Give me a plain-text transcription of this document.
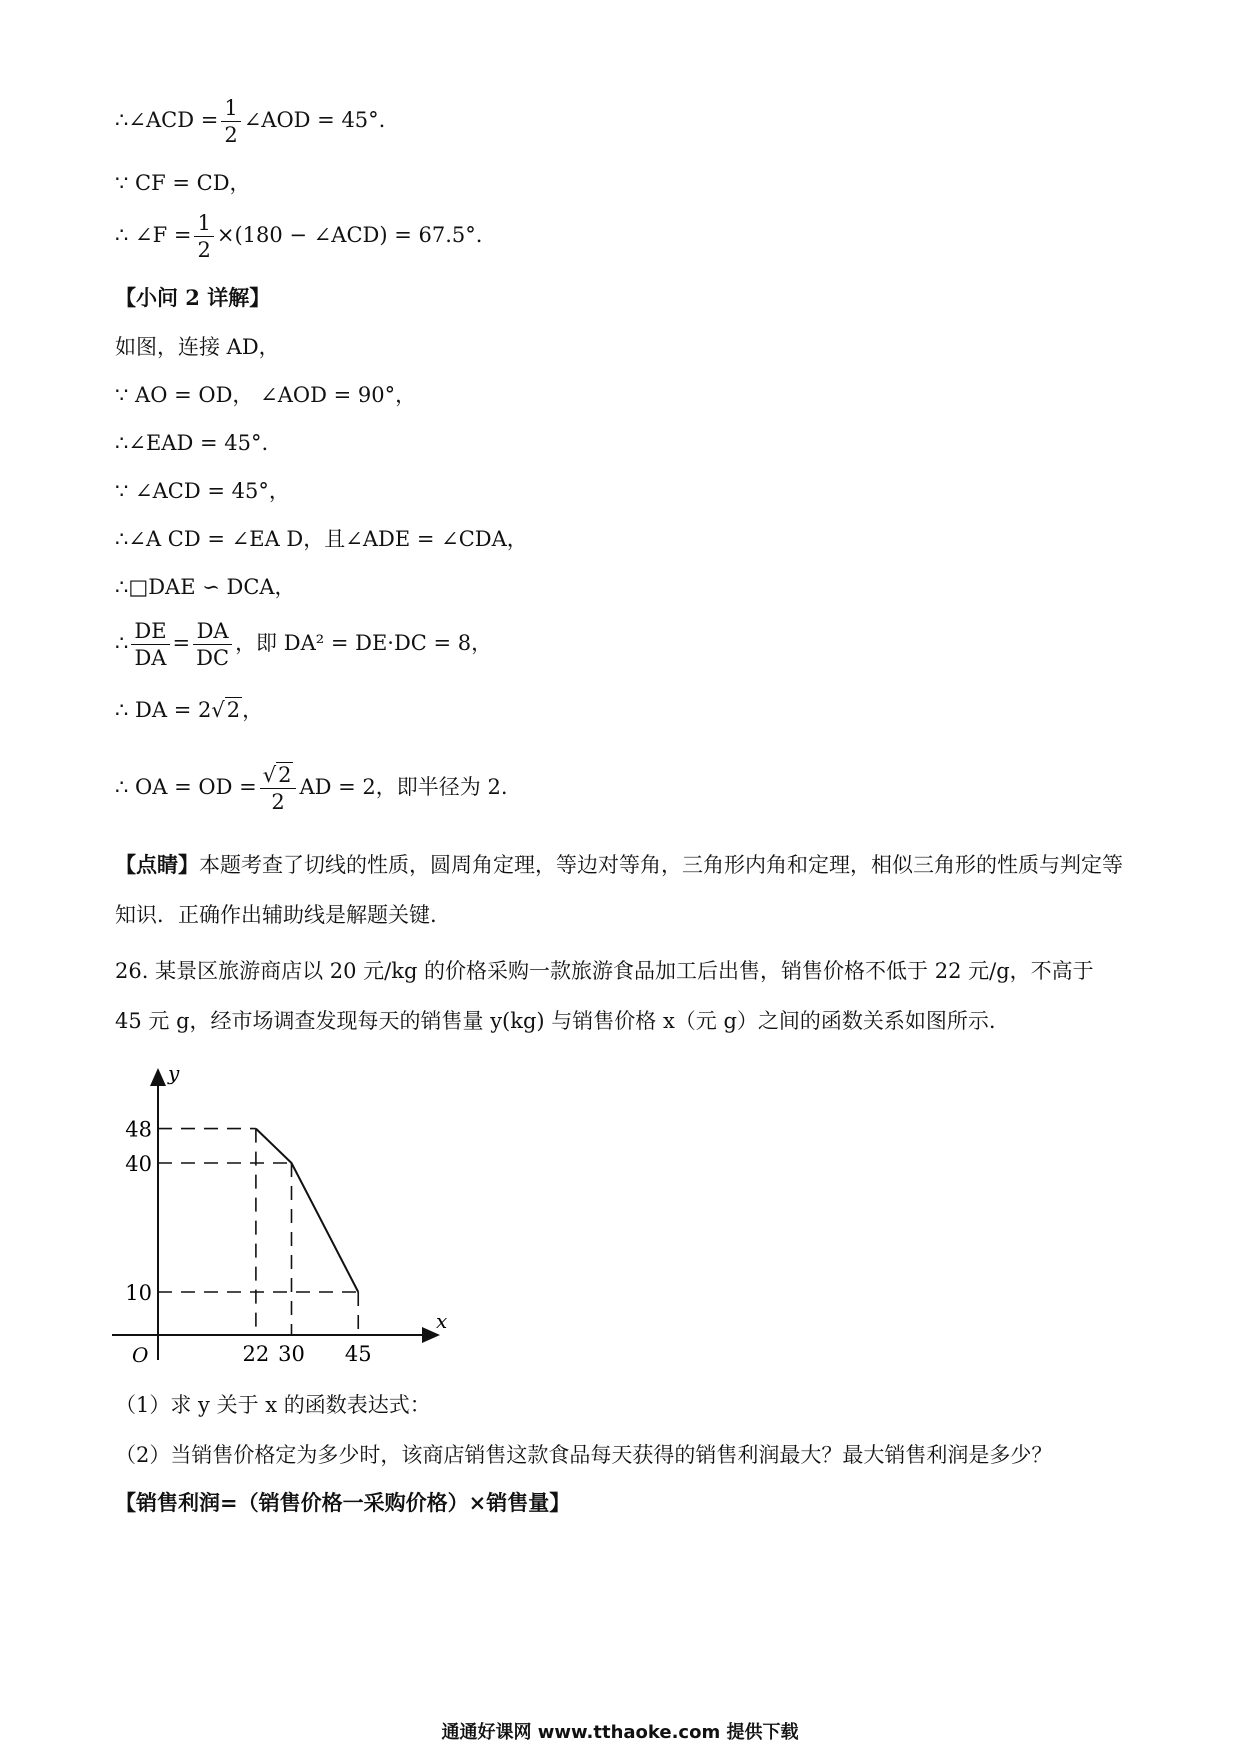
∴∠ACD = $\frac{1}{2}$ ∠AOD = 45°.
∵ CF = CD，
∴ ∠F = $\frac{1}{2} \times(180$ − ∠ACD) = 67.5°.
【小问 2 详解】
如图，连接 AD，
∵ AO = OD， ∠AOD = 90°，
∴∠EAD = 45°.
∵ ∠ACD = 45°，
∴∠A CD = ∠EA D，且∠ADE = ∠CDA，
∴□DAE ∽ DCA，
∴ $\frac{DE}{DA} = \frac{DA}{DC}$ ，即 DA² = DE·DC = 8，
∴ DA = 2√2，
∴ OA = OD = $\frac{√2}{2}$ AD = 2，即半径为 2.
【点睛】本题考查了切线的性质，圆周角定理，等边对等角，三角形内角和定理，相似三角形的性质与判定等知识．正确作出辅助线是解题关键.
26. 某景区旅游商店以 20 元/kg 的价格采购一款旅游食品加工后出售，销售价格不低于 22 元/g，不高于 45 元 g，经市场调查发现每天的销售量 y(kg) 与销售价格 x（元 g）之间的函数关系如图所示.
y
x
O	22 30 45
10
40
48
（1）求 y 关于 x 的函数表达式：
（2）当销售价格定为多少时，该商店销售这款食品每天获得的销售利润最大？最大销售利润是多少？
【销售利润=（销售价格一采购价格）×销售量】
通通好课网 www.tthaoke.com 提供下载
